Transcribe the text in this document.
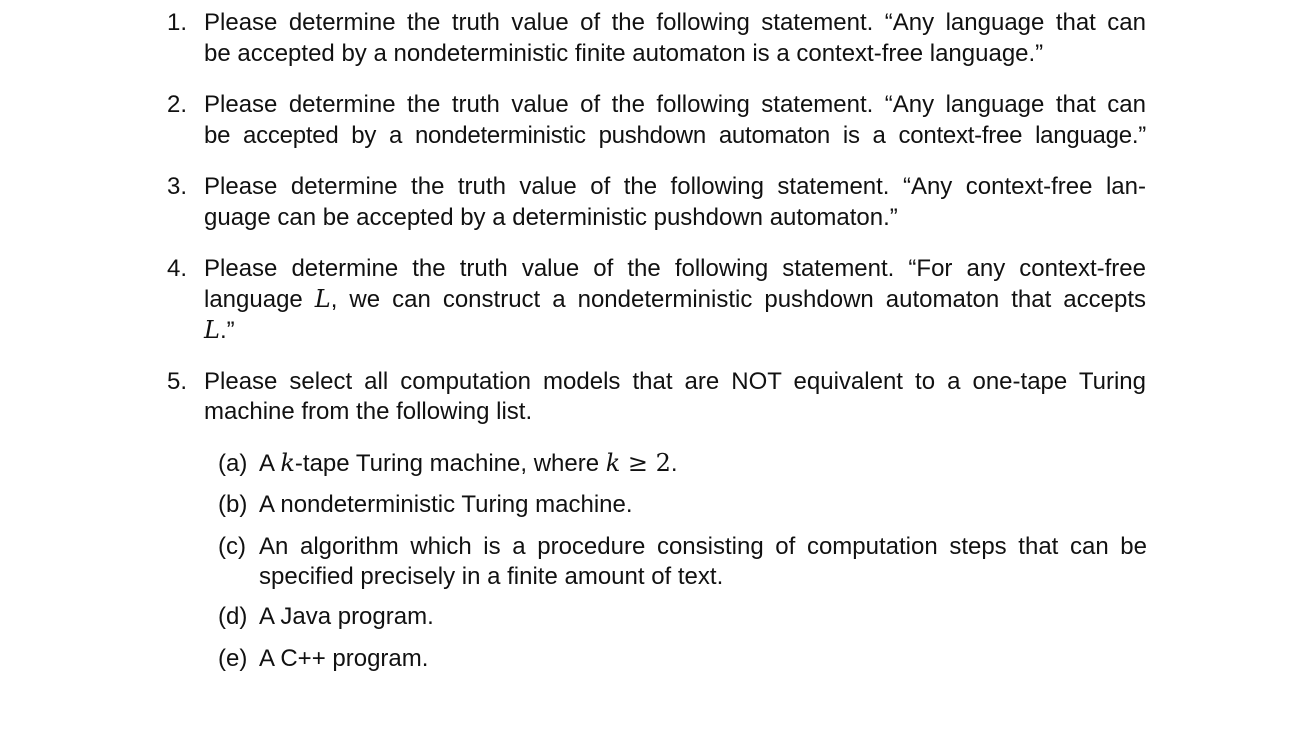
1. Please determine the truth value of the following statement. “Any language that can
be accepted by a nondeterministic finite automaton is a context-free language.”
2. Please determine the truth value of the following statement. “Any language that can
be accepted by a nondeterministic pushdown automaton is a context-free language.”
3. Please determine the truth value of the following statement. “Any context-free lan-
guage can be accepted by a deterministic pushdown automaton.”
4. Please determine the truth value of the following statement. “For any context-free
language L, we can construct a nondeterministic pushdown automaton that accepts
L.”
5. Please select all computation models that are NOT equivalent to a one-tape Turing
machine from the following list.
(a) A k-tape Turing machine, where k ≥ 2.
(b) A nondeterministic Turing machine.
(c) An algorithm which is a procedure consisting of computation steps that can be
specified precisely in a finite amount of text.
(d) A Java program.
(e) A C++ program.
